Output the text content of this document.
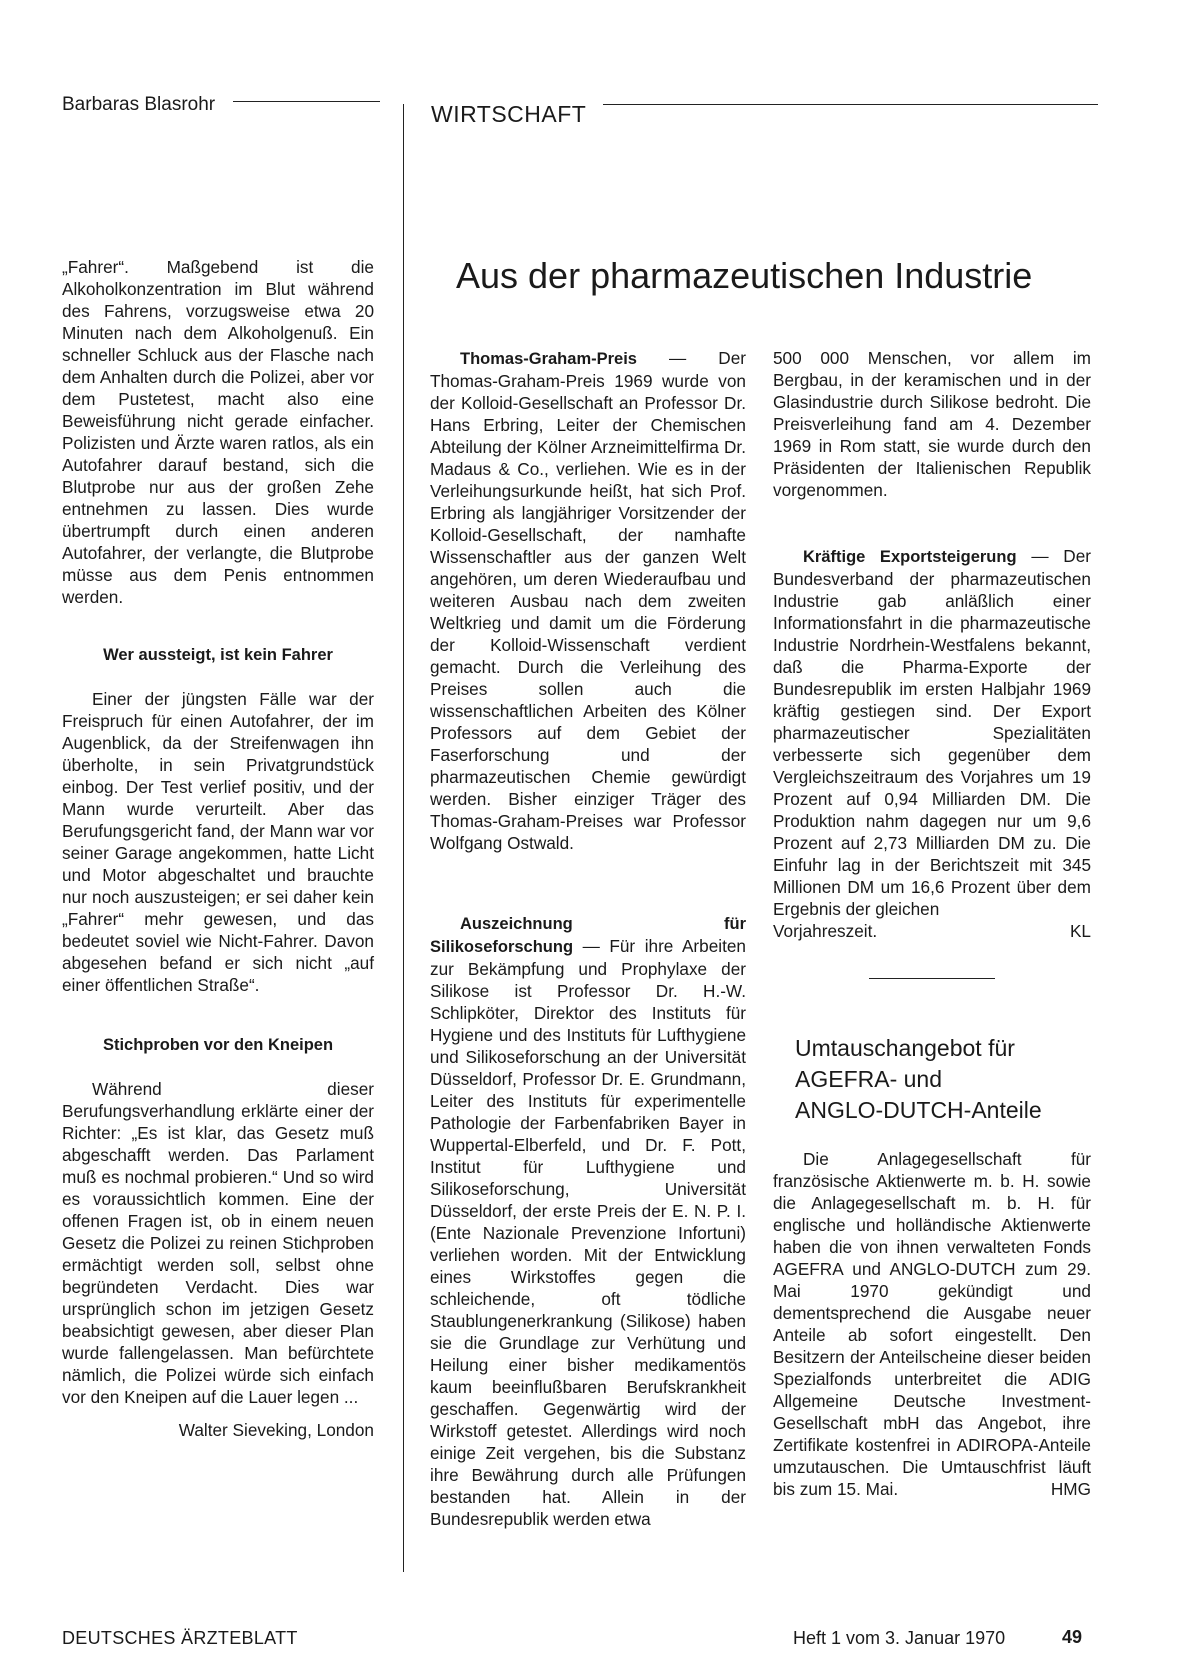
Barbaras Blasrohr	WIRTSCHAFT

„Fahrer“. Maßgebend ist die Alkoholkonzentration im Blut während des Fahrens, vorzugsweise etwa 20 Minuten nach dem Alkoholgenuß. Ein schneller Schluck aus der Flasche nach dem Anhalten durch die Polizei, aber vor dem Pustetest, macht also eine Beweisführung nicht gerade einfacher. Polizisten und Ärzte waren ratlos, als ein Autofahrer darauf bestand, sich die Blutprobe nur aus der großen Zehe entnehmen zu lassen. Dies wurde übertrumpft durch einen anderen Autofahrer, der verlangte, die Blutprobe müsse aus dem Penis entnommen werden.

Wer aussteigt, ist kein Fahrer

Einer der jüngsten Fälle war der Freispruch für einen Autofahrer, der im Augenblick, da der Streifenwagen ihn überholte, in sein Privatgrundstück einbog. Der Test verlief positiv, und der Mann wurde verurteilt. Aber das Berufungsgericht fand, der Mann war vor seiner Garage angekommen, hatte Licht und Motor abgeschaltet und brauchte nur noch auszusteigen; er sei daher kein „Fahrer“ mehr gewesen, und das bedeutet soviel wie Nicht-Fahrer. Davon abgesehen befand er sich nicht „auf einer öffentlichen Straße“.

Stichproben vor den Kneipen

Während dieser Berufungsverhandlung erklärte einer der Richter: „Es ist klar, das Gesetz muß abgeschafft werden. Das Parlament muß es nochmal probieren.“ Und so wird es voraussichtlich kommen. Eine der offenen Fragen ist, ob in einem neuen Gesetz die Polizei zu reinen Stichproben ermächtigt werden soll, selbst ohne begründeten Verdacht. Dies war ursprünglich schon im jetzigen Gesetz beabsichtigt gewesen, aber dieser Plan wurde fallengelassen. Man befürchtete nämlich, die Polizei würde sich einfach vor den Kneipen auf die Lauer legen ...

Walter Sieveking, London

Aus der pharmazeutischen Industrie

Thomas-Graham-Preis — Der Thomas-Graham-Preis 1969 wurde von der Kolloid-Gesellschaft an Professor Dr. Hans Erbring, Leiter der Chemischen Abteilung der Kölner Arzneimittelfirma Dr. Madaus & Co., verliehen. Wie es in der Verleihungsurkunde heißt, hat sich Prof. Erbring als langjähriger Vorsitzender der Kolloid-Gesellschaft, der namhafte Wissenschaftler aus der ganzen Welt angehören, um deren Wiederaufbau und weiteren Ausbau nach dem zweiten Weltkrieg und damit um die Förderung der Kolloid-Wissenschaft verdient gemacht. Durch die Verleihung des Preises sollen auch die wissenschaftlichen Arbeiten des Kölner Professors auf dem Gebiet der Faserforschung und der pharmazeutischen Chemie gewürdigt werden. Bisher einziger Träger des Thomas-Graham-Preises war Professor Wolfgang Ostwald.

Auszeichnung für Silikoseforschung — Für ihre Arbeiten zur Bekämpfung und Prophylaxe der Silikose ist Professor Dr. H.-W. Schlipköter, Direktor des Instituts für Hygiene und des Instituts für Lufthygiene und Silikoseforschung an der Universität Düsseldorf, Professor Dr. E. Grundmann, Leiter des Instituts für experimentelle Pathologie der Farbenfabriken Bayer in Wuppertal-Elberfeld, und Dr. F. Pott, Institut für Lufthygiene und Silikoseforschung, Universität Düsseldorf, der erste Preis der E. N. P. I. (Ente Nazionale Prevenzione Infortuni) verliehen worden. Mit der Entwicklung eines Wirkstoffes gegen die schleichende, oft tödliche Staublungenerkrankung (Silikose) haben sie die Grundlage zur Verhütung und Heilung einer bisher medikamentös kaum beeinflußbaren Berufskrankheit geschaffen. Gegenwärtig wird der Wirkstoff getestet. Allerdings wird noch einige Zeit vergehen, bis die Substanz ihre Bewährung durch alle Prüfungen bestanden hat. Allein in der Bundesrepublik werden etwa

500 000 Menschen, vor allem im Bergbau, in der keramischen und in der Glasindustrie durch Silikose bedroht. Die Preisverleihung fand am 4. Dezember 1969 in Rom statt, sie wurde durch den Präsidenten der Italienischen Republik vorgenommen.

Kräftige Exportsteigerung — Der Bundesverband der pharmazeutischen Industrie gab anläßlich einer Informationsfahrt in die pharmazeutische Industrie Nordrhein-Westfalens bekannt, daß die Pharma-Exporte der Bundesrepublik im ersten Halbjahr 1969 kräftig gestiegen sind. Der Export pharmazeutischer Spezialitäten verbesserte sich gegenüber dem Vergleichszeitraum des Vorjahres um 19 Prozent auf 0,94 Milliarden DM. Die Produktion nahm dagegen nur um 9,6 Prozent auf 2,73 Milliarden DM zu. Die Einfuhr lag in der Berichtszeit mit 345 Millionen DM um 16,6 Prozent über dem Ergebnis der gleichen

Vorjahreszeit.	KL
Umtauschangebot für
AGEFRA- und
ANGLO-DUTCH-Anteile

Die Anlagegesellschaft für französische Aktienwerte m. b. H. sowie die Anlagegesellschaft m. b. H. für englische und holländische Aktienwerte haben die von ihnen verwalteten Fonds AGEFRA und ANGLO-DUTCH zum 29. Mai 1970 gekündigt und dementsprechend die Ausgabe neuer Anteile ab sofort eingestellt. Den Besitzern der Anteilscheine dieser beiden Spezialfonds unterbreitet die ADIG Allgemeine Deutsche Investment-Gesellschaft mbH das Angebot, ihre Zertifikate kostenfrei in ADIROPA-Anteile umzutauschen. Die Umtauschfrist läuft bis zum 15. Mai.	HMG

DEUTSCHES ÄRZTEBLATT	Heft 1 vom 3. Januar 1970	49
